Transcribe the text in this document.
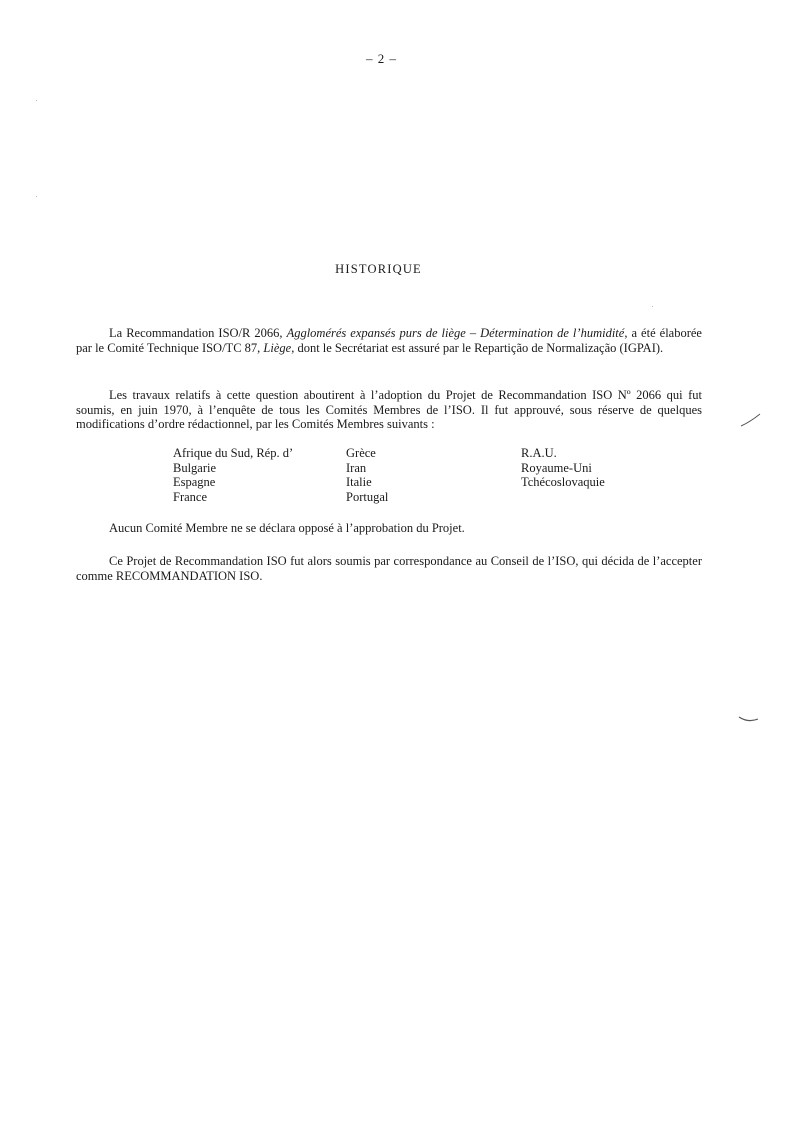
– 2 –
HISTORIQUE
La Recommandation ISO/R 2066, Agglomérés expansés purs de liège – Détermination de l’humidité, a été élaborée par le Comité Technique ISO/TC 87, Liège, dont le Secrétariat est assuré par le Repartição de Normalização (IGPAI).
Les travaux relatifs à cette question aboutirent à l’adoption du Projet de Recommandation ISO Nº 2066 qui fut soumis, en juin 1970, à l’enquête de tous les Comités Membres de l’ISO. Il fut approuvé, sous réserve de quelques modifications d’ordre rédactionnel, par les Comités Membres suivants :
Afrique du Sud, Rép. d’
Bulgarie
Espagne
France
Grèce
Iran
Italie
Portugal
R.A.U.
Royaume-Uni
Tchécoslovaquie
Aucun Comité Membre ne se déclara opposé à l’approbation du Projet.
Ce Projet de Recommandation ISO fut alors soumis par correspondance au Conseil de l’ISO, qui décida de l’accepter comme RECOMMANDATION ISO.
